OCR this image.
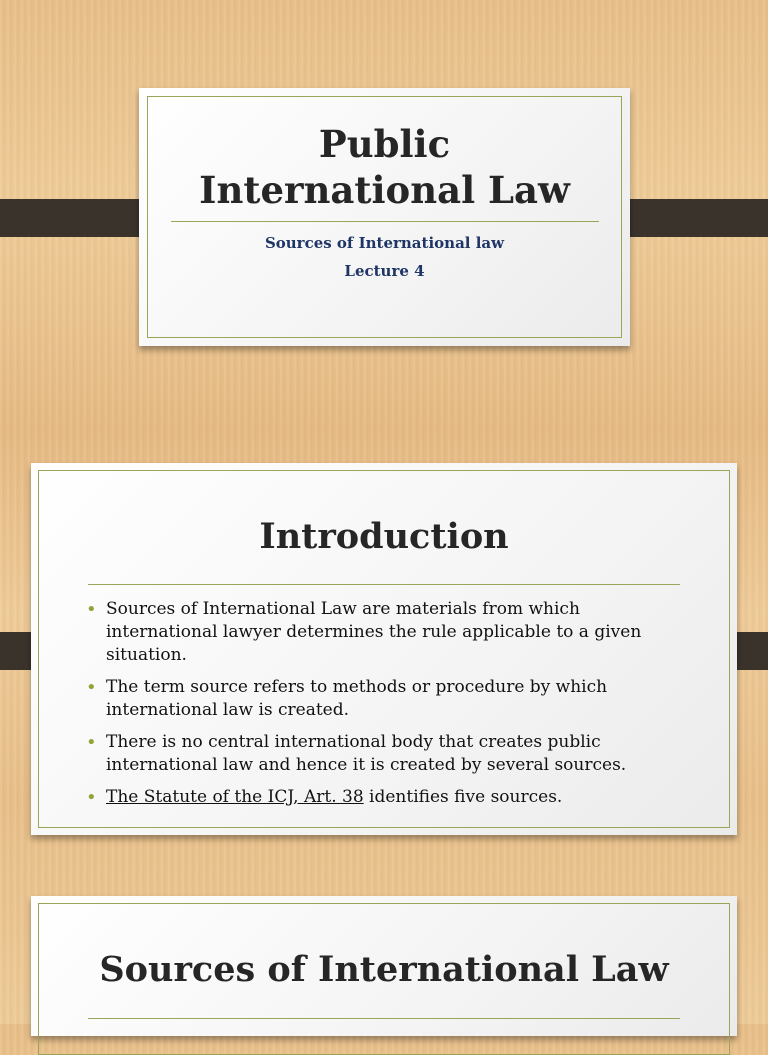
Public
International Law
Sources of International law
Lecture 4
Introduction
• Sources of International Law are materials from which international lawyer determines the rule applicable to a given situation.
• The term source refers to methods or procedure by which international law is created.
• There is no central international body that creates public international law and hence it is created by several sources.
• The Statute of the ICJ, Art. 38 identifies five sources.
Sources of International Law
